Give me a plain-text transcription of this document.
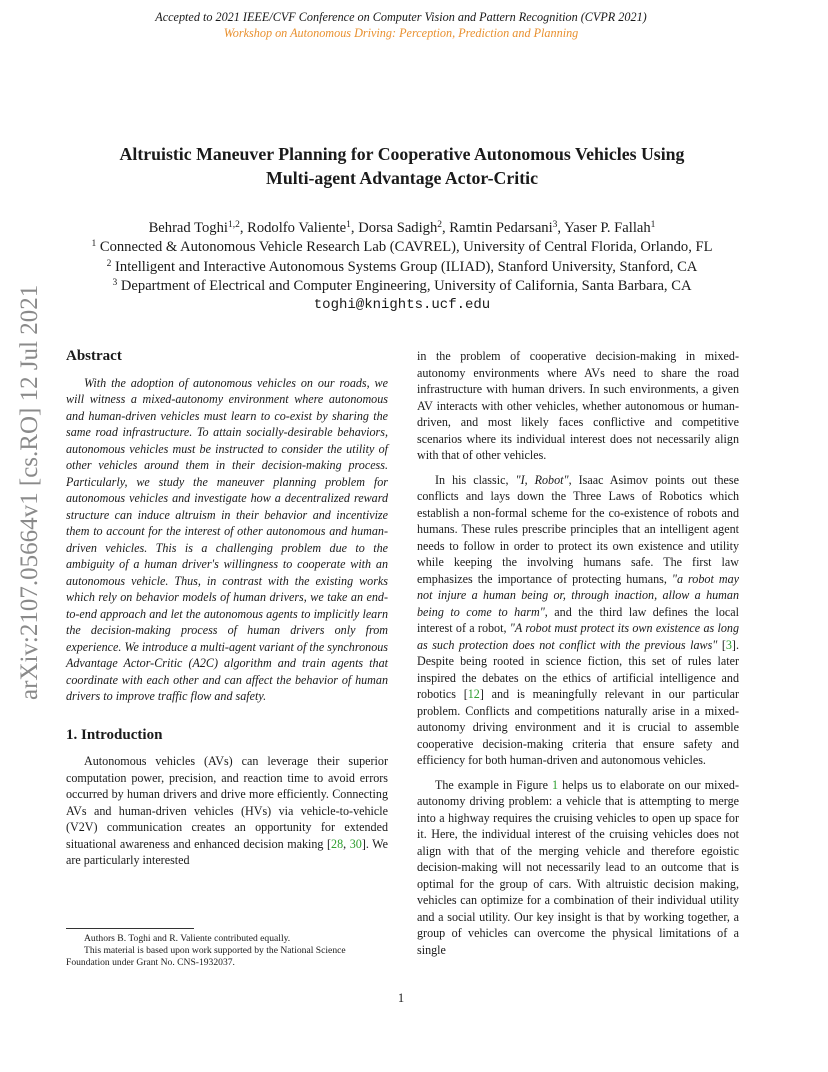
Accepted to 2021 IEEE/CVF Conference on Computer Vision and Pattern Recognition (CVPR 2021)
Workshop on Autonomous Driving: Perception, Prediction and Planning
Altruistic Maneuver Planning for Cooperative Autonomous Vehicles Using
Multi-agent Advantage Actor-Critic
Behrad Toghi$^{1,2}$, Rodolfo Valiente$^1$, Dorsa Sadigh$^2$, Ramtin Pedarsani$^3$, Yaser P. Fallah$^1$
$^1$ Connected & Autonomous Vehicle Research Lab (CAVREL), University of Central Florida, Orlando, FL
$^2$ Intelligent and Interactive Autonomous Systems Group (ILIAD), Stanford University, Stanford, CA
$^3$ Department of Electrical and Computer Engineering, University of California, Santa Barbara, CA
toghi@knights.ucf.edu
arXiv:2107.05664v1 [cs.RO] 12 Jul 2021	Abstract

With the adoption of autonomous vehicles on our roads, we will witness a mixed-autonomy environment where autonomous and human-driven vehicles must learn to co-exist by sharing the same road infrastructure. To attain socially-desirable behaviors, autonomous vehicles must be instructed to consider the utility of other vehicles around them in their decision-making process. Particularly, we study the maneuver planning problem for autonomous vehicles and investigate how a decentralized reward structure can induce altruism in their behavior and incentivize them to account for the interest of other autonomous and human-driven vehicles. This is a challenging problem due to the ambiguity of a human driver's willingness to cooperate with an autonomous vehicle. Thus, in contrast with the existing works which rely on behavior models of human drivers, we take an end-to-end approach and let the autonomous agents to implicitly learn the decision-making process of human drivers only from experience. We introduce a multi-agent variant of the synchronous Advantage Actor-Critic (A2C) algorithm and train agents that coordinate with each other and can affect the behavior of human drivers to improve traffic flow and safety.

1. Introduction

Autonomous vehicles (AVs) can leverage their superior computation power, precision, and reaction time to avoid errors occurred by human drivers and drive more efficiently. Connecting AVs and human-driven vehicles (HVs) via vehicle-to-vehicle (V2V) communication creates an opportunity for extended situational awareness and enhanced decision making [28, 30]. We are particularly interested

in the problem of cooperative decision-making in mixed-autonomy environments where AVs need to share the road infrastructure with human drivers. In such environments, a given AV interacts with other vehicles, whether autonomous or human-driven, and most likely faces conflictive and competitive scenarios where its individual interest does not necessarily align with that of other vehicles.

In his classic, "I, Robot", Isaac Asimov points out these conflicts and lays down the Three Laws of Robotics which establish a non-formal scheme for the co-existence of robots and humans. These rules prescribe principles that an intelligent agent needs to follow in order to protect its own existence and utility while keeping the involving humans safe. The first law emphasizes the importance of protecting humans, "a robot may not injure a human being or, through inaction, allow a human being to come to harm", and the third law defines the local interest of a robot, "A robot must protect its own existence as long as such protection does not conflict with the previous laws" [3]. Despite being rooted in science fiction, this set of rules later inspired the debates on the ethics of artificial intelligence and robotics [12] and is meaningfully relevant in our particular problem. Conflicts and competitions naturally arise in a mixed-autonomy driving environment and it is crucial to assemble cooperative decision-making criteria that ensure safety and efficiency for both human-driven and autonomous vehicles.

The example in Figure 1 helps us to elaborate on our mixed-autonomy driving problem: a vehicle that is attempting to merge into a highway requires the cruising vehicles to open up space for it. Here, the individual interest of the cruising vehicles does not align with that of the merging vehicle and therefore egoistic decision-making will not necessarily lead to an outcome that is optimal for the group of cars. With altruistic decision making, vehicles can optimize for a combination of their individual utility and a social utility. Our key insight is that by working together, a group of vehicles can overcome the physical limitations of a single

Authors B. Toghi and R. Valiente contributed equally.
This material is based upon work supported by the National Science Foundation under Grant No. CNS-1932037.
1
